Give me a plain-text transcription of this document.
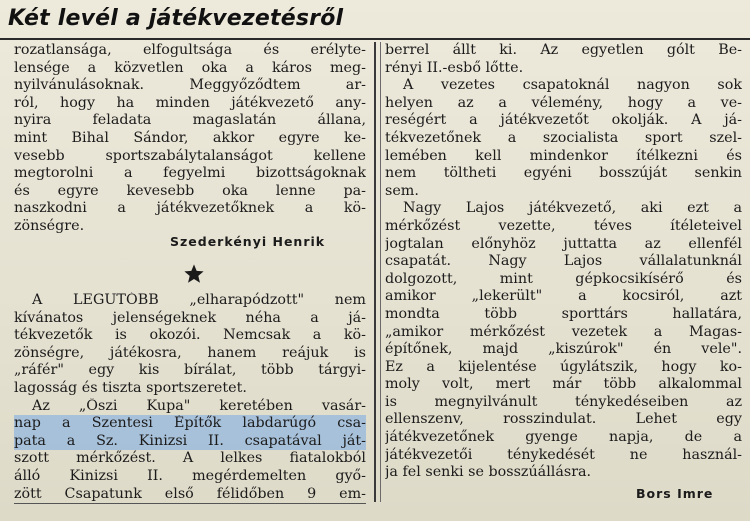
Két levél a játékvezetésről
rozatlansága, elfogultsága és erélyte-
lensége a közvetlen oka a káros meg-
nyilvánulásoknak. Meggyőződtem ar-
ról, hogy ha minden játékvezető any-
nyira feladata magaslatán állana,
mint Bihal Sándor, akkor egyre ke-
vesebb sportszabálytalanságot kellene
megtorolni a fegyelmi bizottságoknak
és egyre kevesebb oka lenne pa-
naszkodni a játékvezetőknek a kö-
zönségre.
Szederkényi Henrik
A LEGUTÓBB „elharapódzott" nem
kívánatos jelenségeknek néha a já-
tékvezetők is okozói. Nemcsak a kö-
zönségre, játékosra, hanem reájuk is
„ráfér" egy kis bírálat, több tárgyi-
lagosság és tiszta sportszeretet.
Az „Őszi Kupa" keretében vasár-
nap a Szentesi Építők labdarúgó csa-
pata a Sz. Kinizsi II. csapatával ját-
szott mérkőzést. A lelkes fiatalokból
álló Kinizsi II. megérdemelten győ-
zött Csapatunk első félidőben 9 em-
berrel állt ki. Az egyetlen gólt Be-
rényi II.-esbő lőtte.
A vezetes csapatoknál nagyon sok
helyen az a vélemény, hogy a ve-
reségért a játékvezetőt okolják. A já-
tékvezetőnek a szocialista sport szel-
lemében kell mindenkor ítélkezni és
nem töltheti egyéni bosszúját senkin
sem.
Nagy Lajos játékvezető, aki ezt a
mérkőzést vezette, téves ítéleteivel
jogtalan előnyhöz juttatta az ellenfél
csapatát. Nagy Lajos vállalatunknál
dolgozott, mint gépkocsikísérő és
amikor „lekerült" a kocsiról, azt
mondta több sporttárs hallatára,
„amikor mérkőzést vezetek a Magas-
építőnek, majd „kiszúrok" én vele".
Ez a kijelentése úgylátszik, hogy ko-
moly volt, mert már több alkalommal
is megnyilvánult ténykedéseiben az
ellenszenv, rosszindulat. Lehet egy
játékvezetőnek gyenge napja, de a
játékvezetői ténykedését ne használ-
ja fel senki se bosszúállásra.
Bors Imre
